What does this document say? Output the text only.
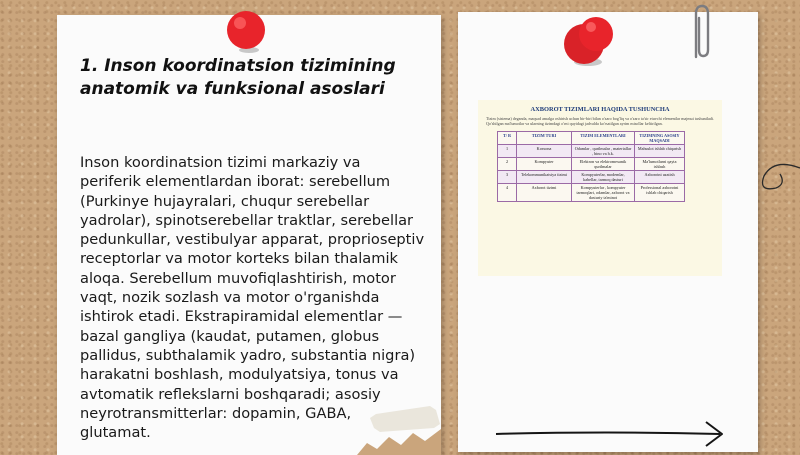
1. Inson koordinatsion tizimining anatomik va funksional asoslari
Inson koordinatsion tizimi markaziy va periferik elementlardan iborat: serebellum (Purkinye hujayralari, chuqur serebellar yadrolar), spinotserebellar traktlar, serebellar pedunkullar, vestibulyar apparat, proprioseptiv receptorlar va motor korteks bilan thalamik aloqa. Serebellum muvofiqlashtirish, motor vaqt, nozik sozlash va motor o'rganishda ishtirok etadi. Ekstrapiramidal elementlar — bazal gangliya (kaudat, putamen, globus pallidus, subthalamik yadro, substantia nigra) harakatni boshlash, modulyatsiya, tonus va avtomatik reflekslarni boshqaradi; asosiy neyrotransmitterlar: dopamin, GABA, glutamat.
AXBOROT TIZIMLARI HAQIDA TUSHUNCHA
Tizim (sistema) deganda, maqsad amalga oshirish uchun bir-biri bilan o'zaro bog'liq va o'zaro ta'sir etuvchi elementlar majmui tushuniladi. Qo'shilgan ma'lumotlar va ularning tizimdagi o'rni quyidagi jadvalda ko'rsatilgan ayrim misollar keltirilgan.
T/ R	TIZIM TURI	TIZIM ELEMENTLARI	TIZIMNING ASOSIY MAQSADI
1	Korxona	Odamlar , qurilmalar , materiallar , bino va h.k.	Mahsulot ishlab chiqarish
2	Kompyuter	Elektron va elektromexanik qurilmalar	Ma'lumotlarni qayta ishlash
3	Telekommunikatsiya tizimi	Kompyuterlar, modemlar, kabellar, tarmoq dasturi	Axborotni uzatish
4	Axborot tizimi	Kompyuterlar , kompyuter tarmoqlari, odamlar, axborot va dasturiy ta'minot	Professional axborotni ishlab chiqarish
